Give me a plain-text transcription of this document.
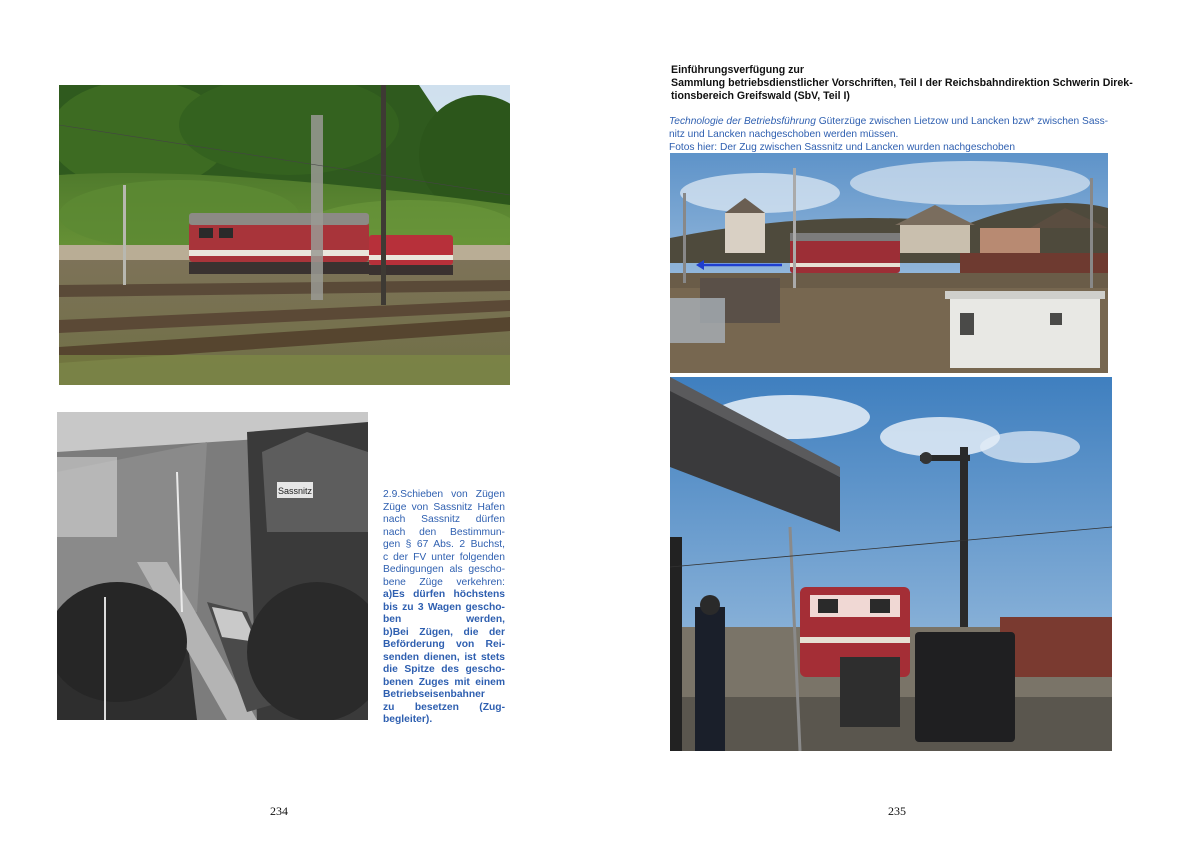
Sassnitz	2.9.Schieben von Zügen
Züge von Sassnitz Hafen
nach Sassnitz dürfen
nach den Bestimmun-
gen § 67 Abs. 2 Buchst,
c der FV unter folgenden
Bedingungen als gescho-
bene Züge verkehren:
a)Es dürfen höchstens
bis zu 3 Wagen gescho-
ben werden,
b)Bei Zügen, die der
Beförderung von Rei-
senden dienen, ist stets
die Spitze des gescho-
benen Zuges mit einem
Betriebseisenbahner
zu besetzen (Zug-
begleiter).
234
Einführungsverfügung zur
Sammlung betriebsdienstlicher Vorschriften, Teil I der Reichsbahndirektion Schwerin Direk-
tionsbereich Greifswald (SbV, Teil I)
Technologie der Betriebsführung Güterzüge zwischen Lietzow und Lancken bzw* zwischen Sass-
nitz und Lancken nachgeschoben werden müssen.
Fotos hier: Der Zug zwischen Sassnitz und Lancken wurden nachgeschoben
235
